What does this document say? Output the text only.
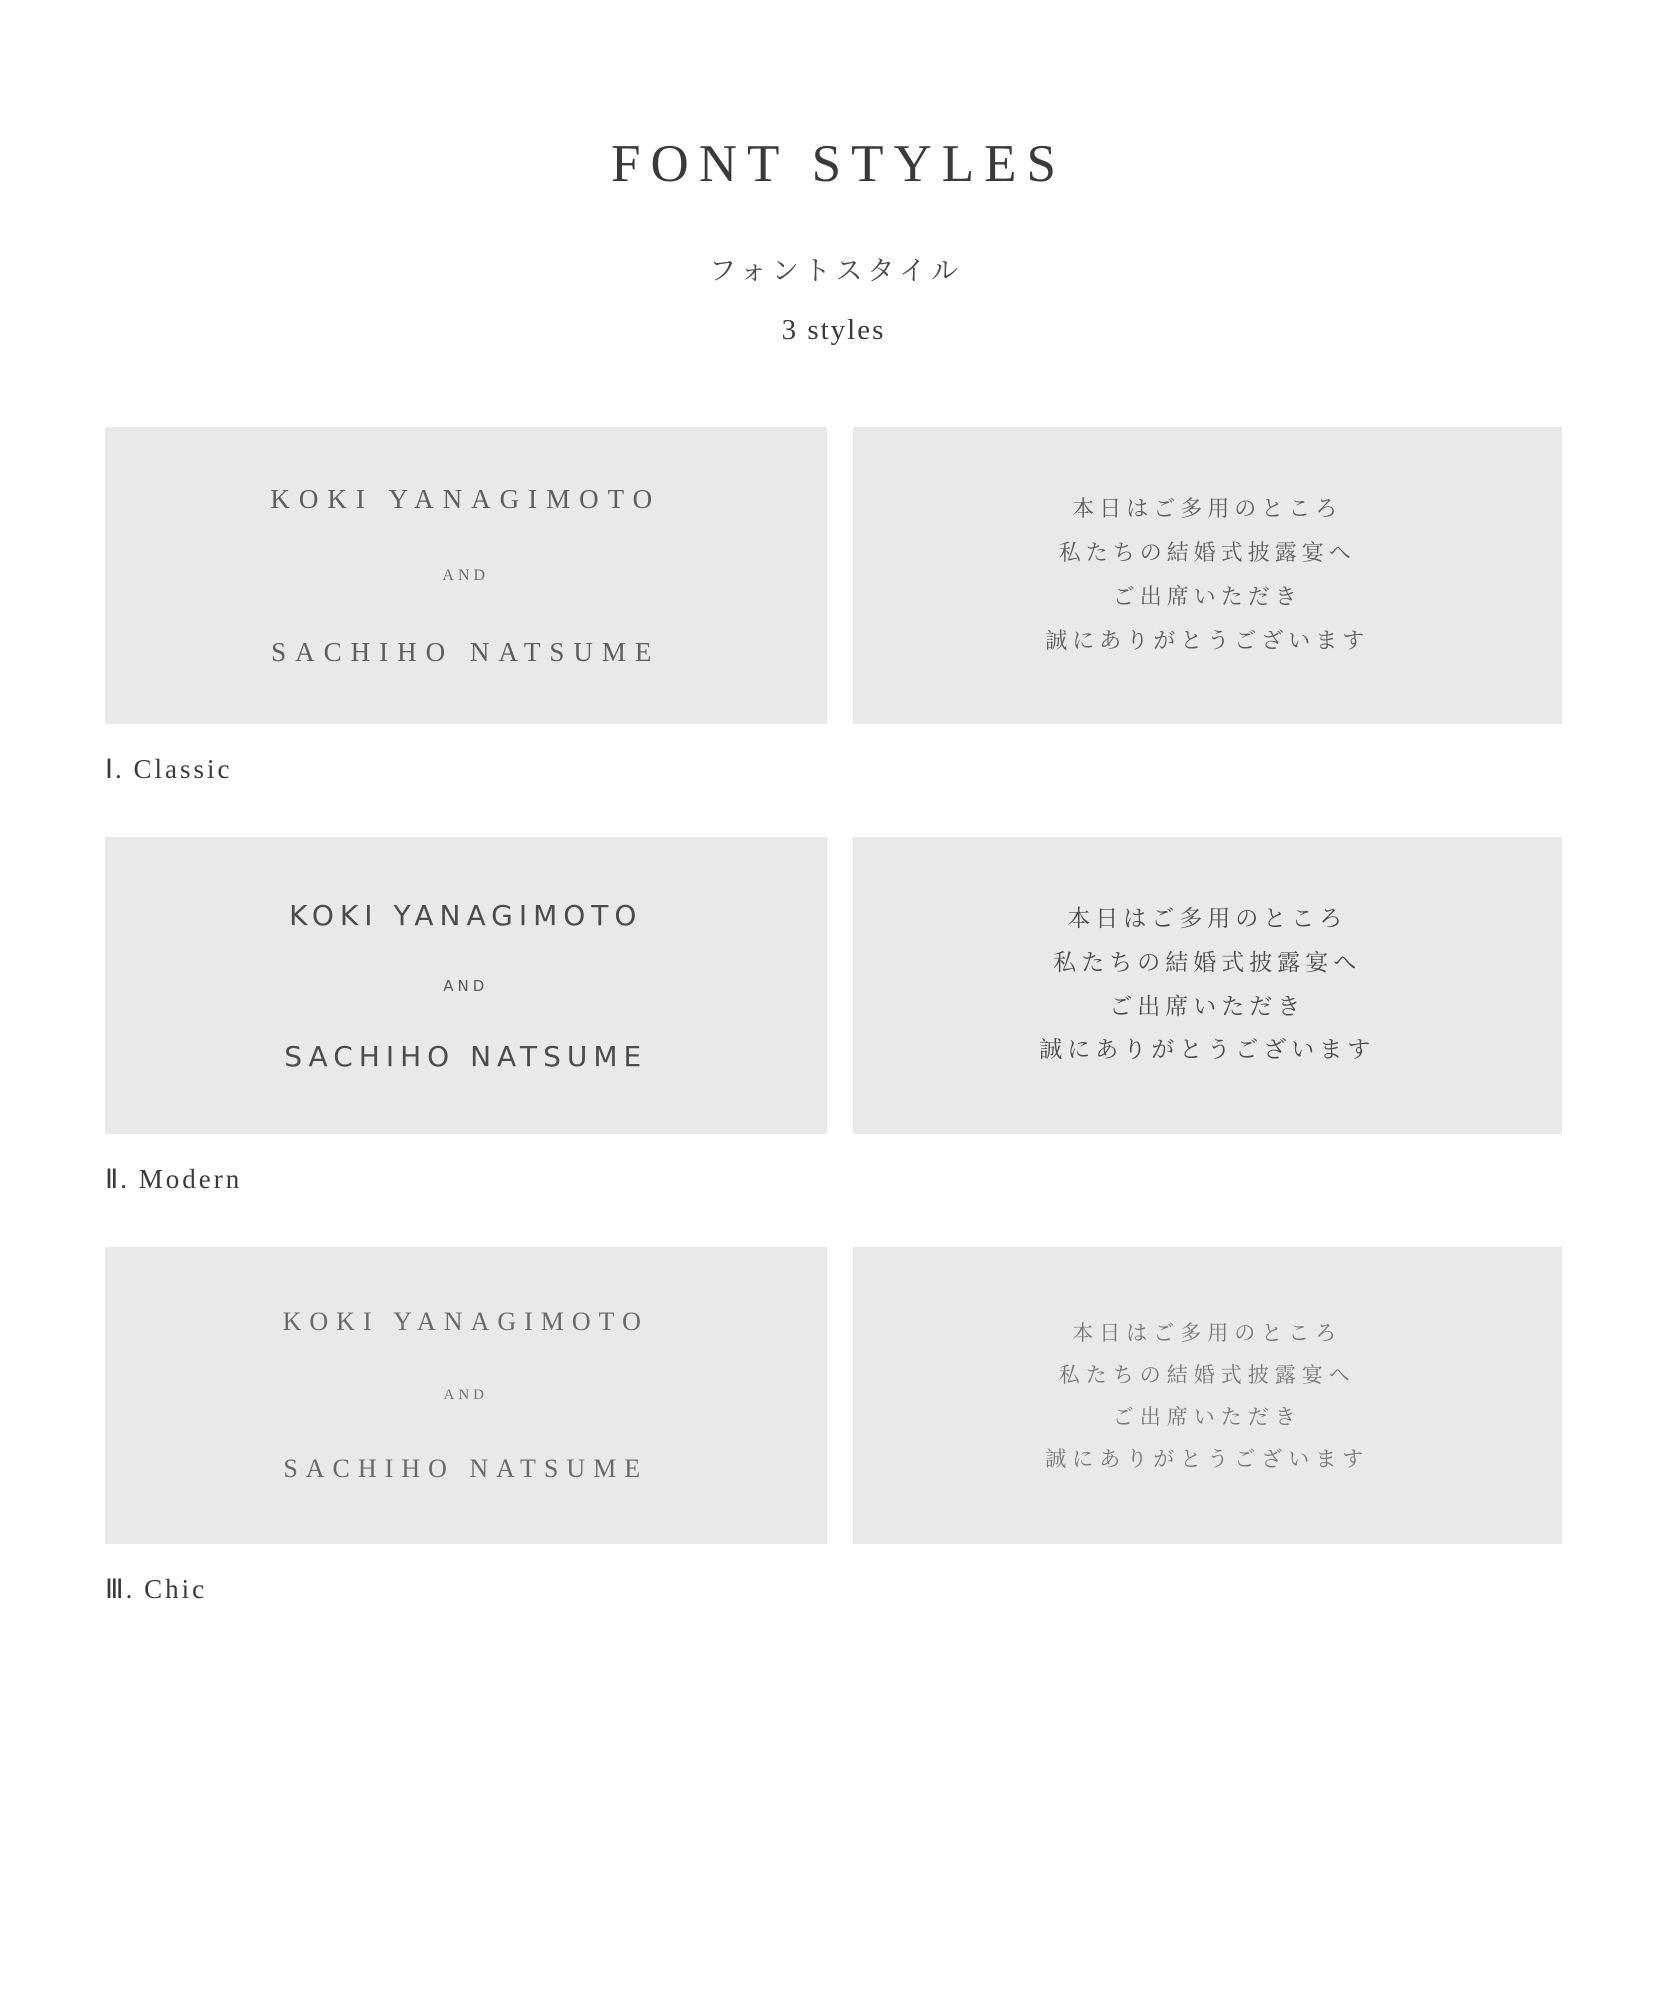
FONT STYLES
フォントスタイル
3 styles
KOKI YANAGIMOTO
AND
SACHIHO NATSUME
本日はご多用のところ
私たちの結婚式披露宴へ
ご出席いただき
誠にありがとうございます
Ⅰ. Classic
KOKI YANAGIMOTO
AND
SACHIHO NATSUME
本日はご多用のところ
私たちの結婚式披露宴へ
ご出席いただき
誠にありがとうございます
Ⅱ. Modern
KOKI YANAGIMOTO
AND
SACHIHO NATSUME
本日はご多用のところ
私たちの結婚式披露宴へ
ご出席いただき
誠にありがとうございます
Ⅲ. Chic
